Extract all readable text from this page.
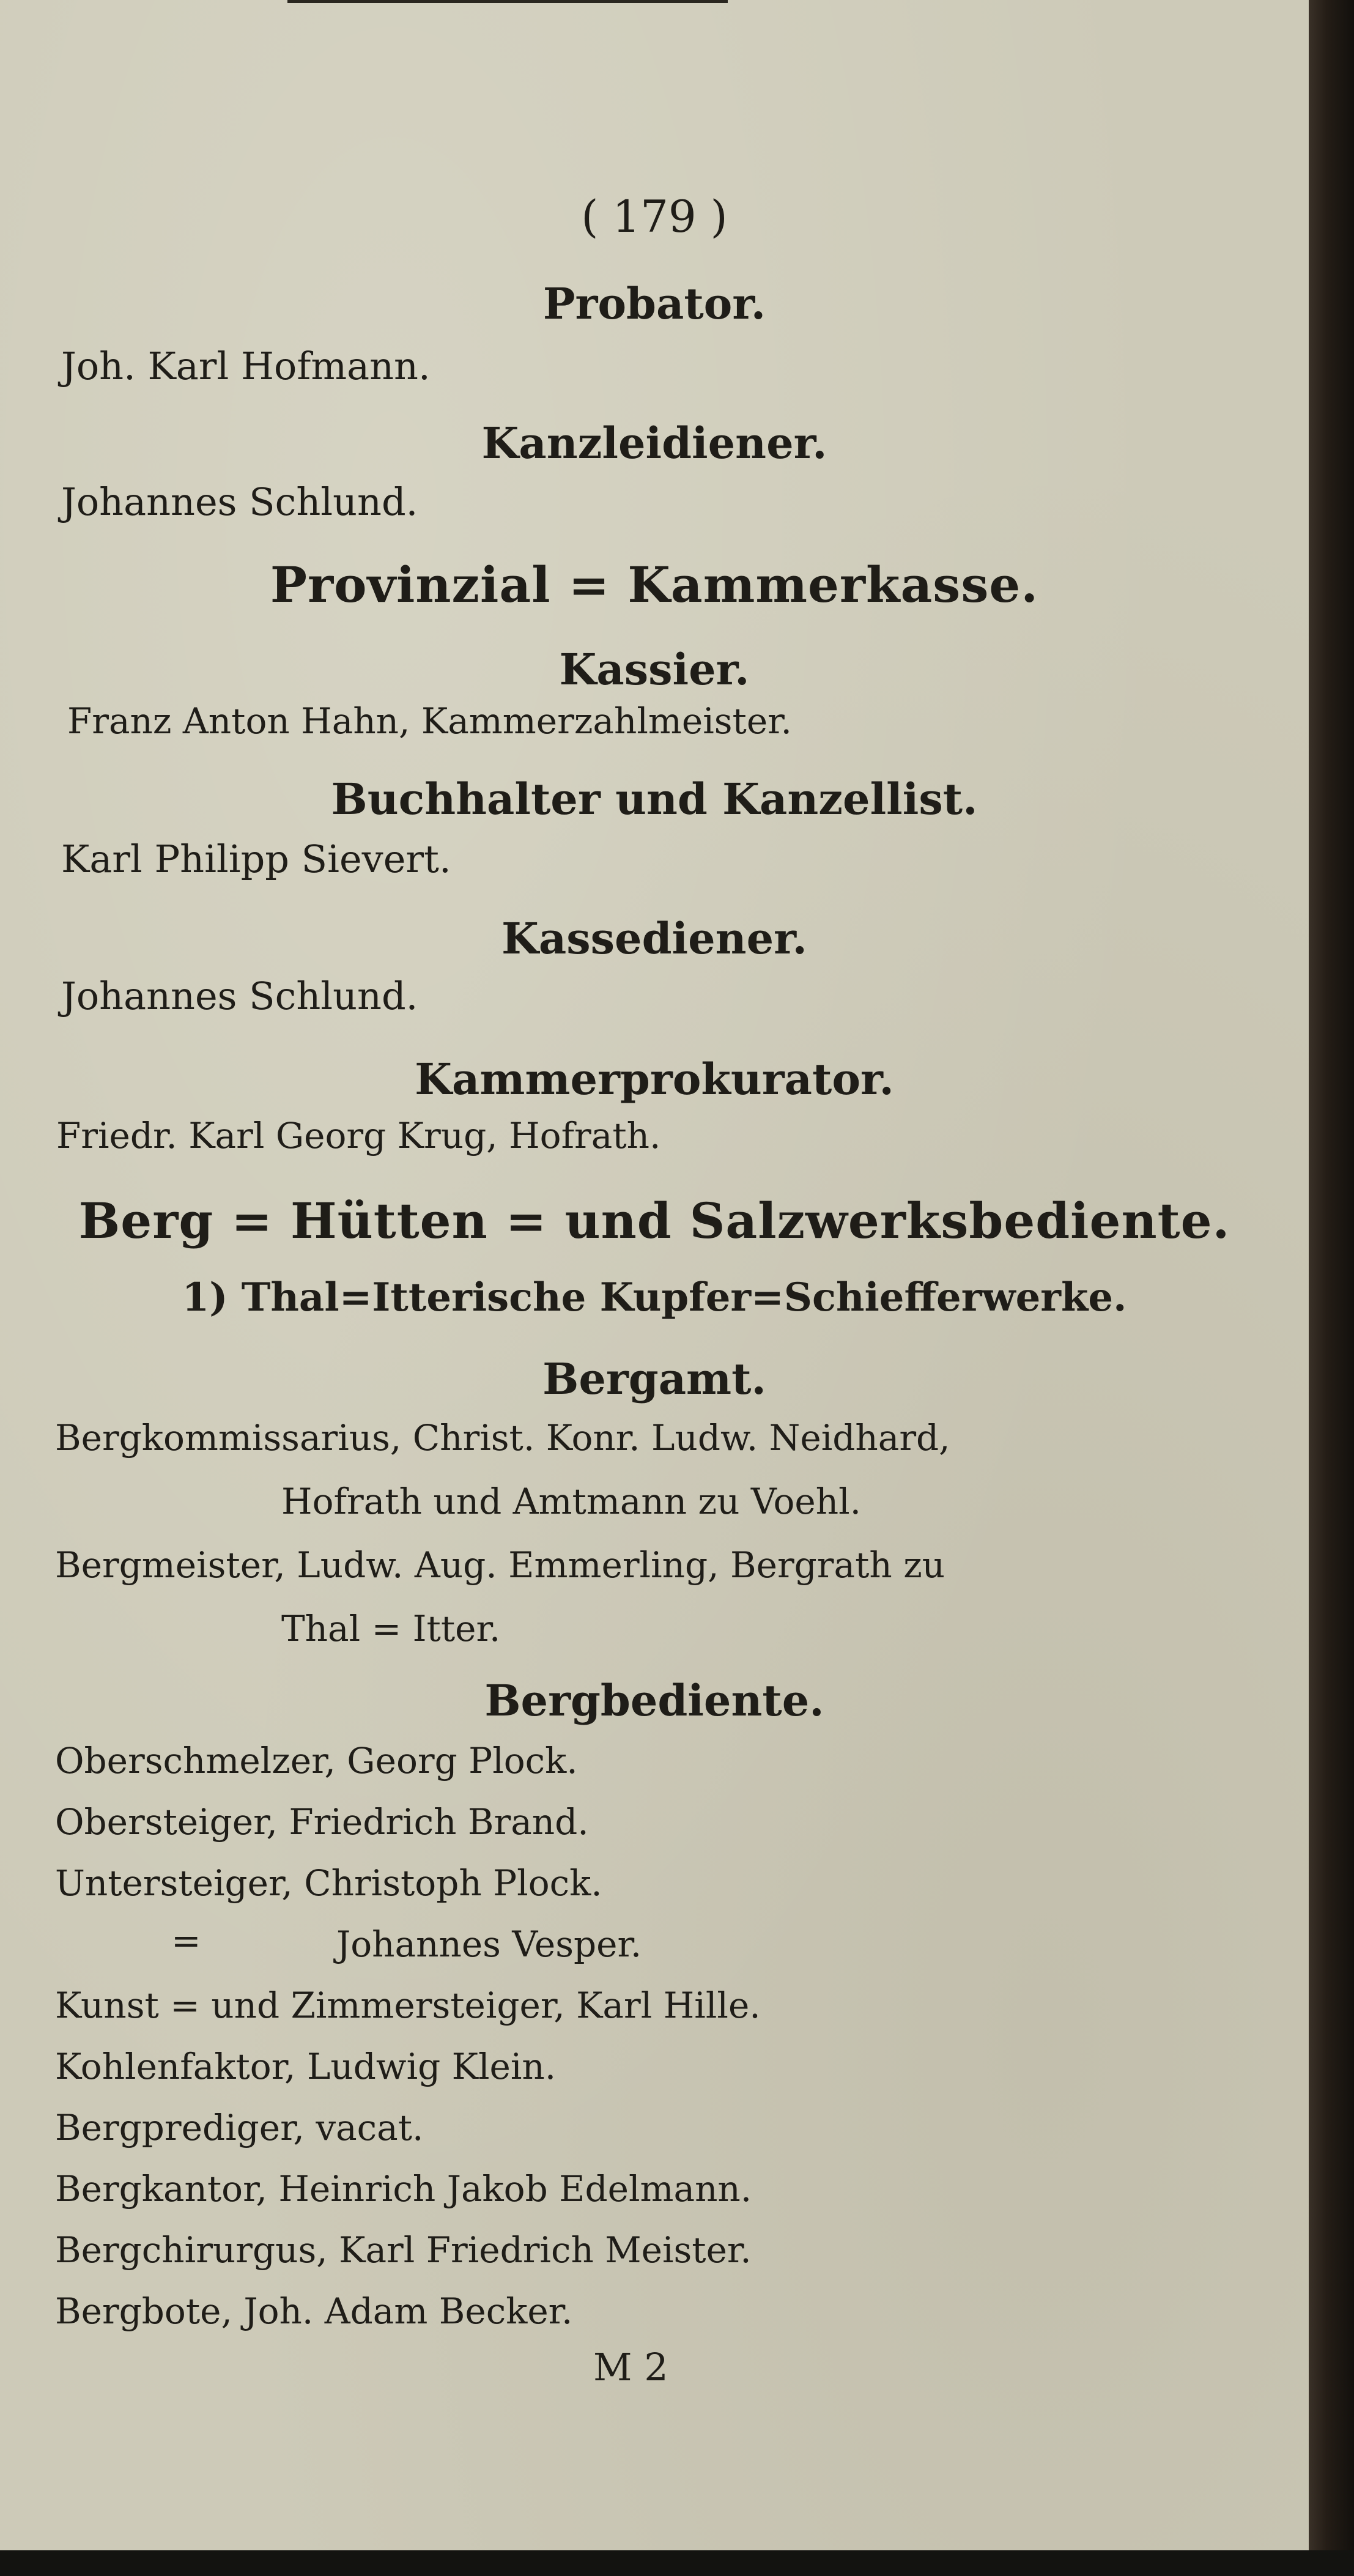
( 179 )
Probator.
Joh. Karl Hofmann.
Kanzleidiener.
Johannes Schlund.
Provinzial = Kammerkasse.
Kassier.
Franz Anton Hahn, Kammerzahlmeister.
Buchhalter und Kanzellist.
Karl Philipp Sievert.
Kassediener.
Johannes Schlund.
Kammerprokurator.
Friedr. Karl Georg Krug, Hofrath.
Berg = Hütten = und Salzwerksbediente.
1) Thal=Itterische Kupfer=Schiefferwerke.
Bergamt.
Bergkommissarius, Christ. Konr. Ludw. Neidhard,
Hofrath und Amtmann zu Voehl.
Bergmeister, Ludw. Aug. Emmerling, Bergrath zu
Thal = Itter.
Bergbediente.
Oberschmelzer, Georg Plock.
Obersteiger, Friedrich Brand.
Untersteiger, Christoph Plock.
=	Johannes Vesper.
Kunst = und Zimmersteiger, Karl Hille.
Kohlenfaktor, Ludwig Klein.
Bergprediger, vacat.
Bergkantor, Heinrich Jakob Edelmann.
Bergchirurgus, Karl Friedrich Meister.
Bergbote, Joh. Adam Becker.
M 2
